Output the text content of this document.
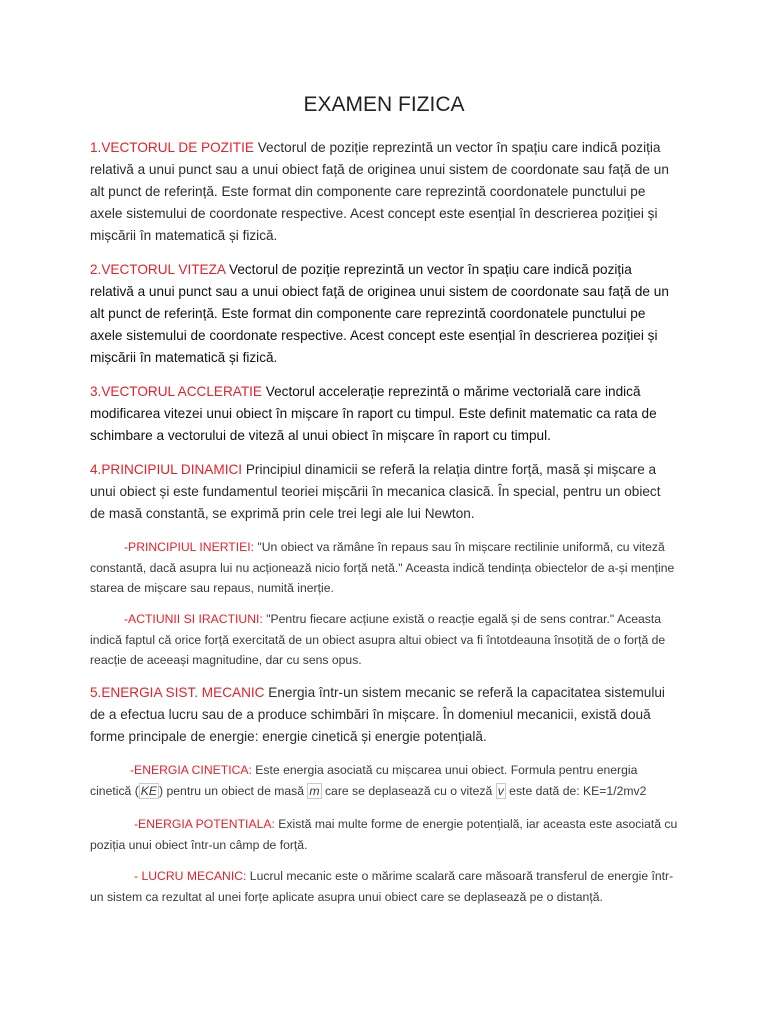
EXAMEN FIZICA
1.VECTORUL DE POZITIE Vectorul de poziție reprezintă un vector în spațiu care indică poziția relativă a unui punct sau a unui obiect față de originea unui sistem de coordonate sau față de un alt punct de referință. Este format din componente care reprezintă coordonatele punctului pe axele sistemului de coordonate respective. Acest concept este esențial în descrierea poziției și mișcării în matematică și fizică.
2.VECTORUL VITEZA Vectorul de poziție reprezintă un vector în spațiu care indică poziția relativă a unui punct sau a unui obiect față de originea unui sistem de coordonate sau față de un alt punct de referință. Este format din componente care reprezintă coordonatele punctului pe axele sistemului de coordonate respective. Acest concept este esențial în descrierea poziției și mișcării în matematică și fizică.
3.VECTORUL ACCLERATIE Vectorul accelerație reprezintă o mărime vectorială care indică modificarea vitezei unui obiect în mișcare în raport cu timpul. Este definit matematic ca rata de schimbare a vectorului de viteză al unui obiect în mișcare în raport cu timpul.
4.PRINCIPIUL DINAMICI Principiul dinamicii se referă la relația dintre forță, masă și mișcare a unui obiect și este fundamentul teoriei mișcării în mecanica clasică. În special, pentru un obiect de masă constantă, se exprimă prin cele trei legi ale lui Newton.
-PRINCIPIUL INERTIEI: "Un obiect va rămâne în repaus sau în mișcare rectilinie uniformă, cu viteză constantă, dacă asupra lui nu acționează nicio forță netă." Aceasta indică tendința obiectelor de a-și menține starea de mișcare sau repaus, numită inerție.
-ACTIUNII SI IRACTIUNI: "Pentru fiecare acțiune există o reacție egală și de sens contrar." Aceasta indică faptul că orice forță exercitată de un obiect asupra altui obiect va fi întotdeauna însoțită de o forță de reacție de aceeași magnitudine, dar cu sens opus.
5.ENERGIA SIST. MECANIC Energia într-un sistem mecanic se referă la capacitatea sistemului de a efectua lucru sau de a produce schimbări în mișcare. În domeniul mecanicii, există două forme principale de energie: energie cinetică și energie potențială.
-ENERGIA CINETICA: Este energia asociată cu mișcarea unui obiect. Formula pentru energia cinetică ( KE ) pentru un obiect de masă m care se deplasează cu o viteză v este dată de: KE=1/2mv2
-ENERGIA POTENTIALA: Există mai multe forme de energie potențială, iar aceasta este asociată cu poziția unui obiect într-un câmp de forță.
- LUCRU MECANIC: Lucrul mecanic este o mărime scalară care măsoară transferul de energie într-un sistem ca rezultat al unei forțe aplicate asupra unui obiect care se deplasează pe o distanță.
